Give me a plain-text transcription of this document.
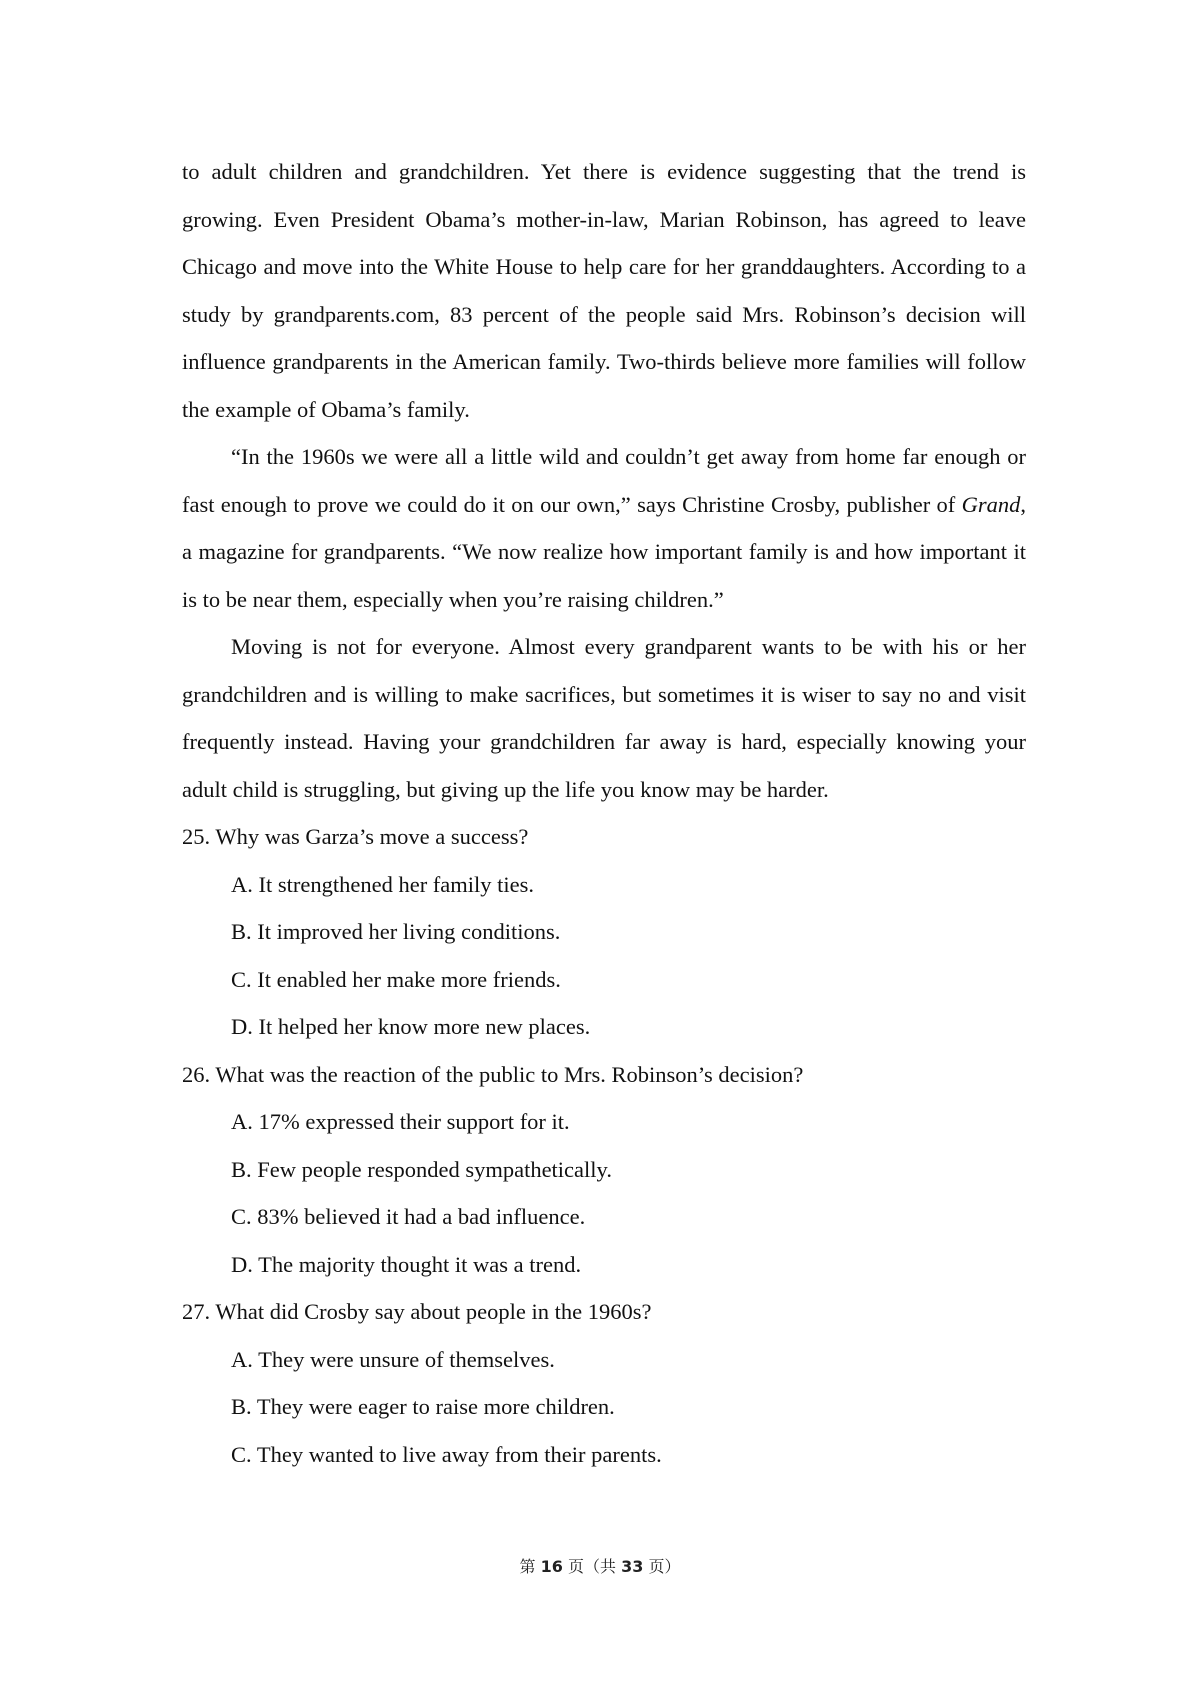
to adult children and grandchildren. Yet there is evidence suggesting that the trend is growing. Even President Obama’s mother-in-law, Marian Robinson, has agreed to leave Chicago and move into the White House to help care for her granddaughters. According to a study by grandparents.com, 83 percent of the people said Mrs. Robinson’s decision will influence grandparents in the American family. Two-thirds believe more families will follow the example of Obama’s family.

“In the 1960s we were all a little wild and couldn’t get away from home far enough or fast enough to prove we could do it on our own,” says Christine Crosby, publisher of Grand, a magazine for grandparents. “We now realize how important family is and how important it is to be near them, especially when you’re raising children.”

Moving is not for everyone. Almost every grandparent wants to be with his or her grandchildren and is willing to make sacrifices, but sometimes it is wiser to say no and visit frequently instead. Having your grandchildren far away is hard, especially knowing your adult child is struggling, but giving up the life you know may be harder.

25. Why was Garza’s move a success?

A. It strengthened her family ties.

B. It improved her living conditions.

C. It enabled her make more friends.

D. It helped her know more new places.

26. What was the reaction of the public to Mrs. Robinson’s decision?

A. 17% expressed their support for it.

B. Few people responded sympathetically.

C. 83% believed it had a bad influence.

D. The majority thought it was a trend.

27. What did Crosby say about people in the 1960s?

A. They were unsure of themselves.

B. They were eager to raise more children.

C. They wanted to live away from their parents.

第 16 页（共 33 页）
